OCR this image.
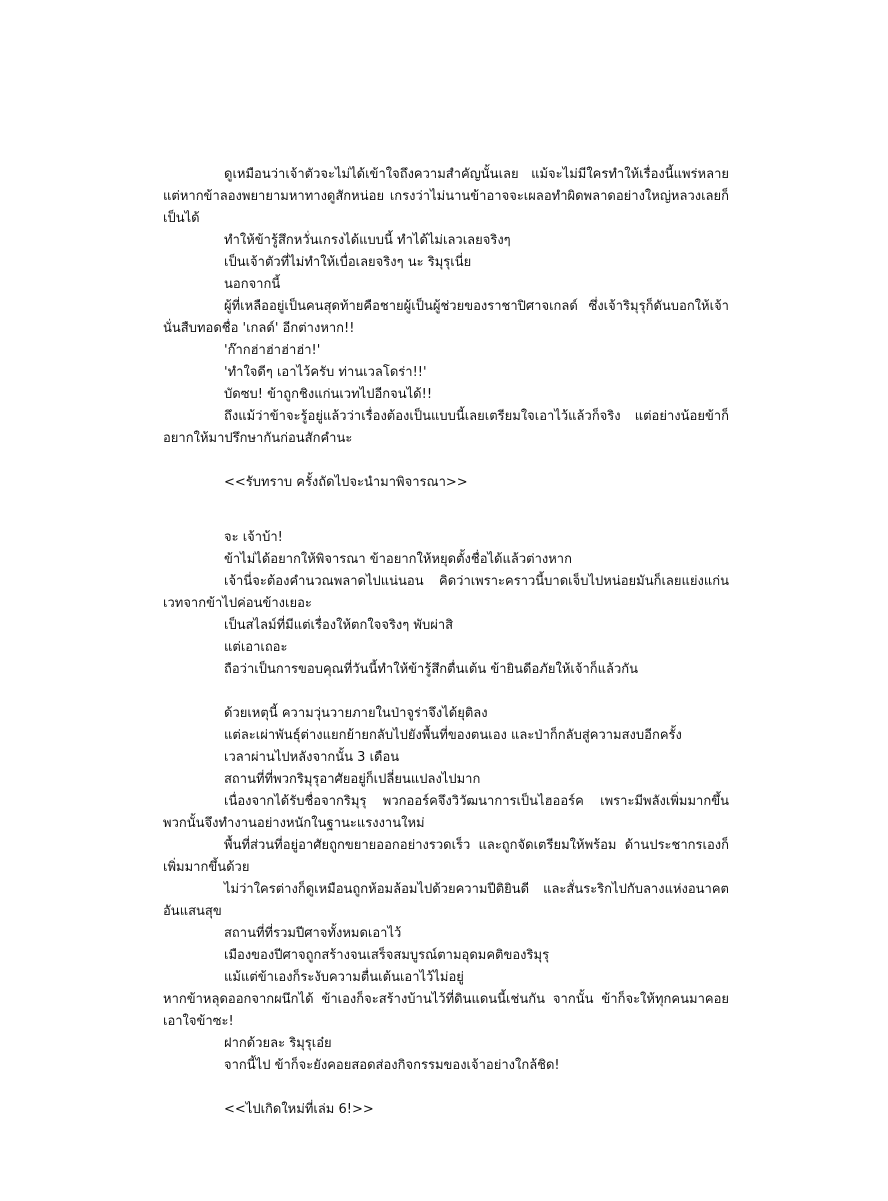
ดูเหมือนว่าเจ้าตัวจะไม่ได้เข้าใจถึงความสำคัญนั้นเลย แม้จะไม่มีใครทำให้เรื่องนี้แพร่หลาย แต่หากข้าลองพยายามหาทางดูสักหน่อย เกรงว่าไม่นานข้าอาจจะเผลอทำผิดพลาดอย่างใหญ่หลวงเลยก็เป็นได้

ทำให้ข้ารู้สึกหวั่นเกรงได้แบบนี้ ทำได้ไม่เลวเลยจริงๆ

เป็นเจ้าตัวที่ไม่ทำให้เบื่อเลยจริงๆ นะ ริมุรุเนี่ย

นอกจากนี้

ผู้ที่เหลืออยู่เป็นคนสุดท้ายคือชายผู้เป็นผู้ช่วยของราชาปิศาจเกลด์ ซึ่งเจ้าริมุรุก็ดันบอกให้เจ้านั่นสืบทอดชื่อ 'เกลด์' อีกต่างหาก!!

'ก๊ากฮ่าฮ่าฮ่าฮ่า!'

'ทำใจดีๆ เอาไว้ครับ ท่านเวลโดร่า!!'

บัดซบ! ข้าถูกชิงแก่นเวทไปอีกจนได้!!

ถึงแม้ว่าข้าจะรู้อยู่แล้วว่าเรื่องต้องเป็นแบบนี้เลยเตรียมใจเอาไว้แล้วก็จริง แต่อย่างน้อยข้าก็อยากให้มาปรึกษากันก่อนสักคำนะ

<<รับทราบ ครั้งถัดไปจะนำมาพิจารณา>>

จะ เจ้าบ้า!

ข้าไม่ได้อยากให้พิจารณา ข้าอยากให้หยุดตั้งชื่อได้แล้วต่างหาก

เจ้านี่จะต้องคำนวณพลาดไปแน่นอน คิดว่าเพราะคราวนี้บาดเจ็บไปหน่อยมันก็เลยแย่งแก่นเวทจากข้าไปค่อนข้างเยอะ

เป็นสไลม์ที่มีแต่เรื่องให้ตกใจจริงๆ พับผ่าสิ

แต่เอาเถอะ

ถือว่าเป็นการขอบคุณที่วันนี้ทำให้ข้ารู้สึกตื่นเต้น ข้ายินดีอภัยให้เจ้าก็แล้วกัน

ด้วยเหตุนี้ ความวุ่นวายภายในป่าจูร่าจึงได้ยุติลง

แต่ละเผ่าพันธุ์ต่างแยกย้ายกลับไปยังพื้นที่ของตนเอง และป่าก็กลับสู่ความสงบอีกครั้ง

เวลาผ่านไปหลังจากนั้น 3 เดือน

สถานที่ที่พวกริมุรุอาศัยอยู่ก็เปลี่ยนแปลงไปมาก

เนื่องจากได้รับชื่อจากริมุรุ พวกออร์คจึงวิวัฒนาการเป็นไฮออร์ค เพราะมีพลังเพิ่มมากขึ้น พวกนั้นจึงทำงานอย่างหนักในฐานะแรงงานใหม่

พื้นที่ส่วนที่อยู่อาศัยถูกขยายออกอย่างรวดเร็ว และถูกจัดเตรียมให้พร้อม ด้านประชากรเองก็เพิ่มมากขึ้นด้วย

ไม่ว่าใครต่างก็ดูเหมือนถูกห้อมล้อมไปด้วยความปีติยินดี และสั่นระริกไปกับลางแห่งอนาคตอันแสนสุข

สถานที่ที่รวมปีศาจทั้งหมดเอาไว้

เมืองของปีศาจถูกสร้างจนเสร็จสมบูรณ์ตามอุดมคติของริมุรุ

แม้แต่ข้าเองก็ระงับความตื่นเต้นเอาไว้ไม่อยู่

หากข้าหลุดออกจากผนึกได้ ข้าเองก็จะสร้างบ้านไว้ที่ดินแดนนี้เช่นกัน จากนั้น ข้าก็จะให้ทุกคนมาคอยเอาใจข้าซะ!

ฝากด้วยละ ริมุรุเอ๋ย

จากนี้ไป ข้าก็จะยังคอยสอดส่องกิจกรรมของเจ้าอย่างใกล้ชิด!

<<ไปเกิดใหม่ที่เล่ม 6!>>
